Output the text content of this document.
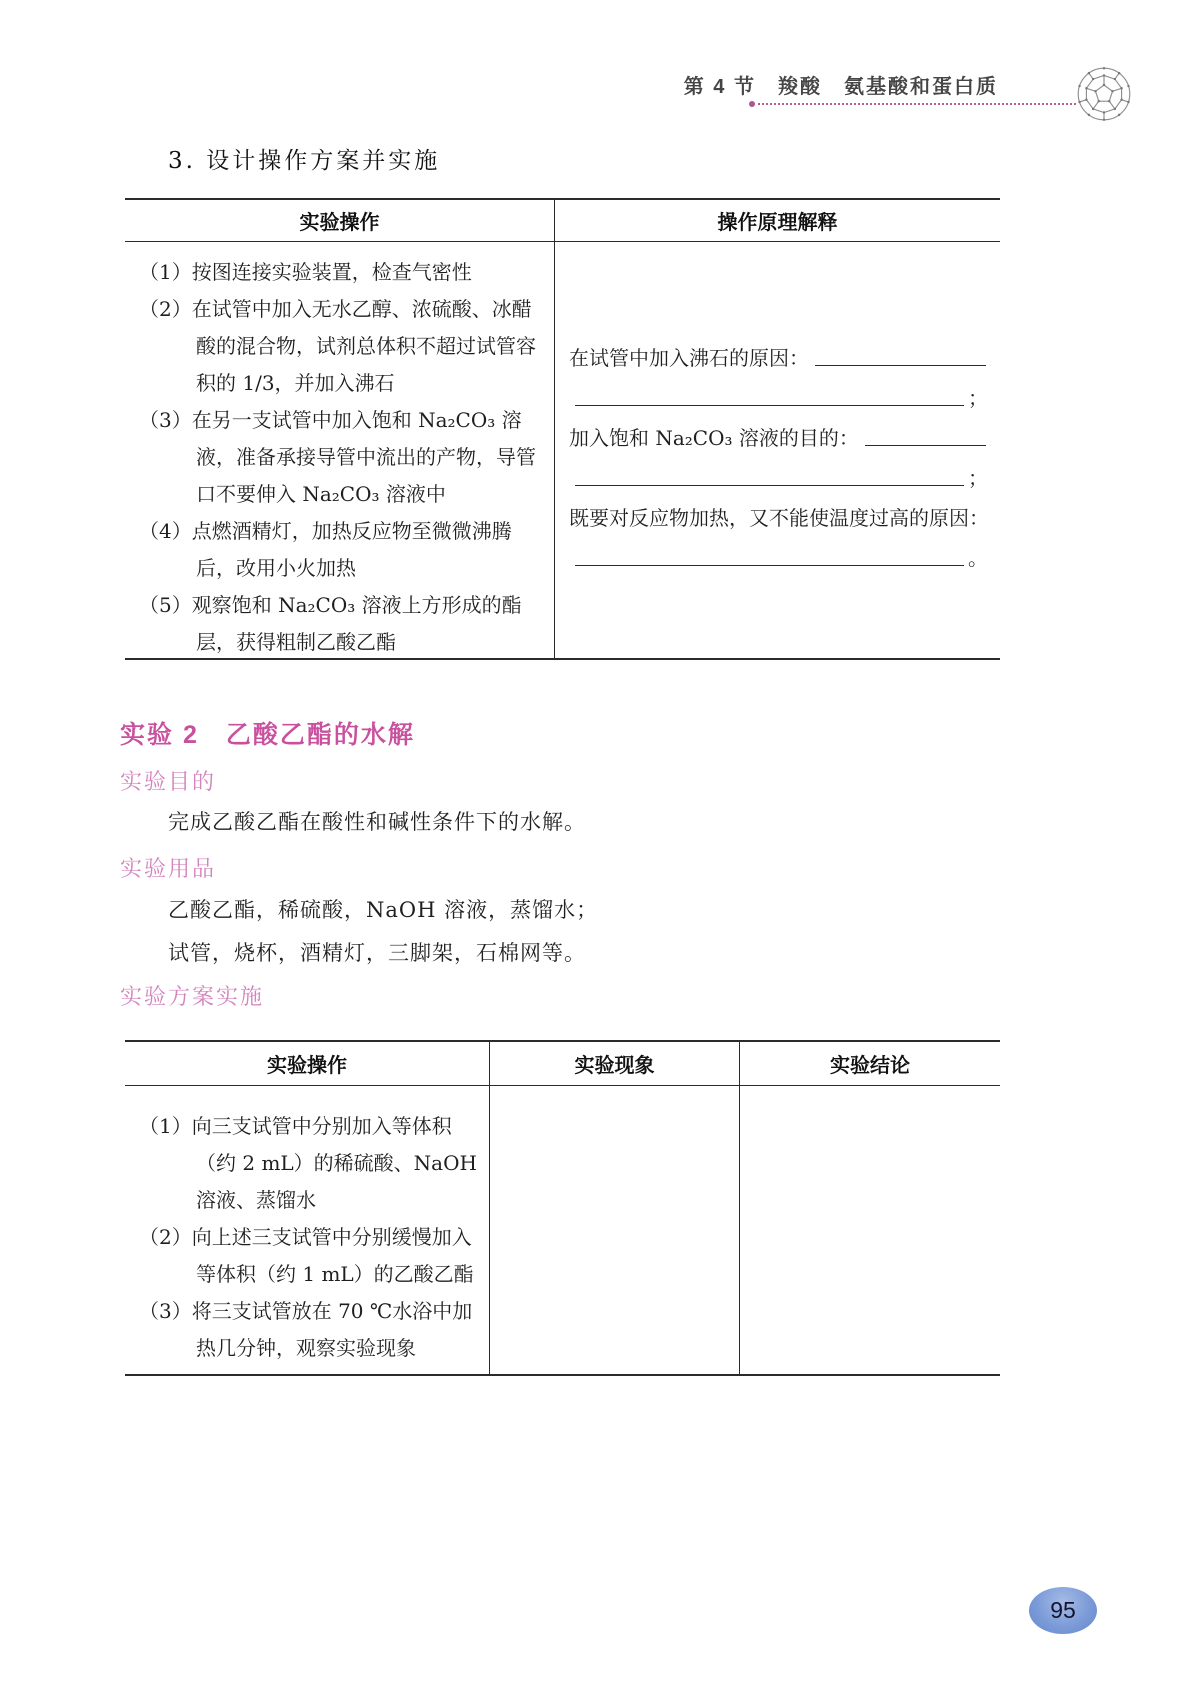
第 4 节　羧酸　氨基酸和蛋白质
3. 设计操作方案并实施
实验操作	操作原理解释
（1）按图连接实验装置，检查气密性
（2）在试管中加入无水乙醇、浓硫酸、冰醋酸的混合物，试剂总体积不超过试管容积的 1/3，并加入沸石
（3）在另一支试管中加入饱和 Na₂CO₃ 溶液，准备承接导管中流出的产物，导管口不要伸入 Na₂CO₃ 溶液中
（4）点燃酒精灯，加热反应物至微微沸腾后，改用小火加热
（5）观察饱和 Na₂CO₃ 溶液上方形成的酯层，获得粗制乙酸乙酯
在试管中加入沸石的原因：
；
加入饱和 Na₂CO₃ 溶液的目的：
；
既要对反应物加热，又不能使温度过高的原因：
。
实验 2　乙酸乙酯的水解
实验目的
完成乙酸乙酯在酸性和碱性条件下的水解。
实验用品
乙酸乙酯，稀硫酸，NaOH 溶液，蒸馏水；
试管，烧杯，酒精灯，三脚架，石棉网等。
实验方案实施
实验操作	实验现象	实验结论
（1）向三支试管中分别加入等体积（约 2 mL）的稀硫酸、NaOH 溶液、蒸馏水
（2）向上述三支试管中分别缓慢加入等体积（约 1 mL）的乙酸乙酯
（3）将三支试管放在 70 ℃水浴中加热几分钟，观察实验现象
95
